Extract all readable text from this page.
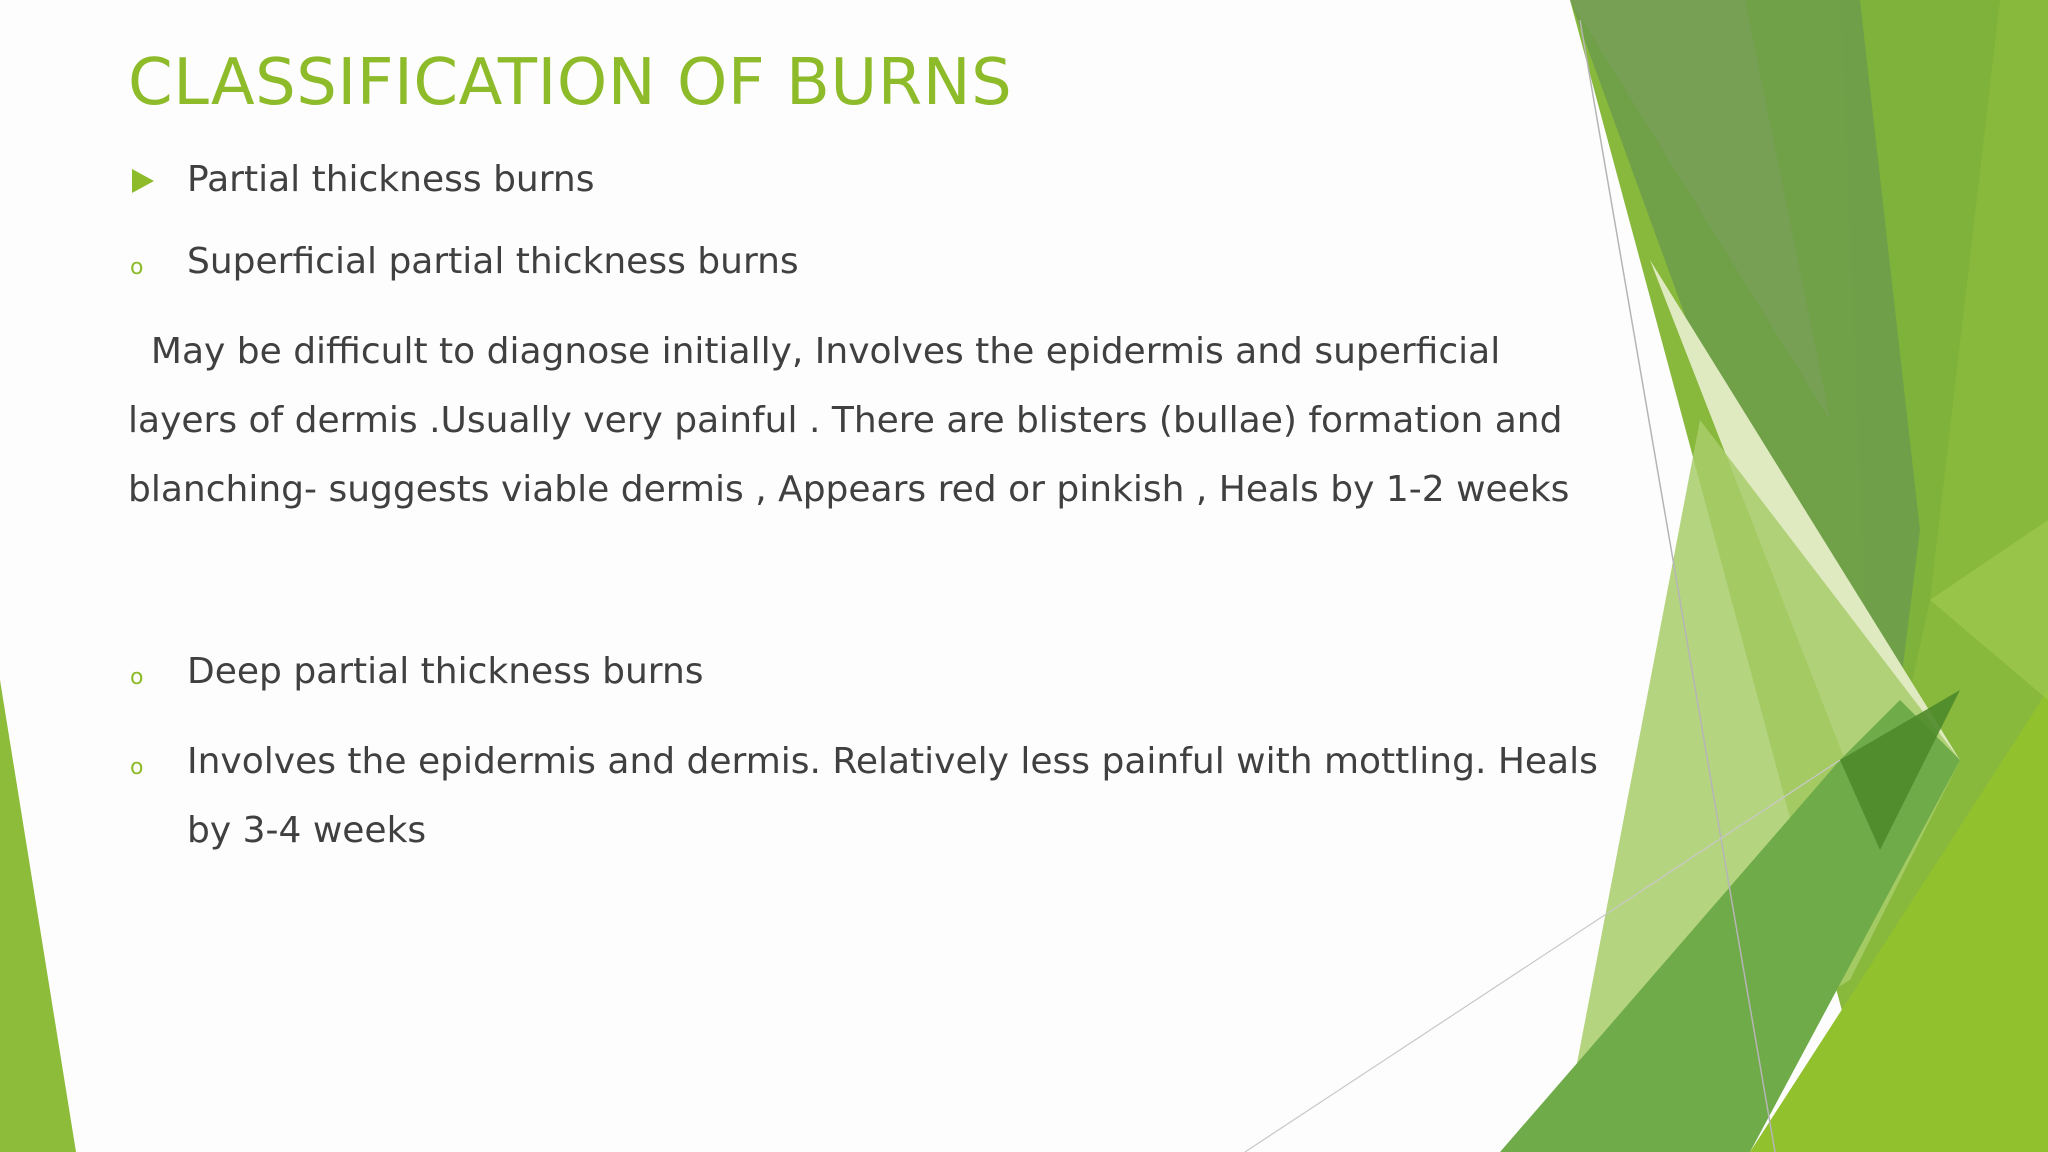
CLASSIFICATION OF BURNS
Partial thickness burns
o Superficial partial thickness burns
May be difficult to diagnose initially, Involves the epidermis and superficial
layers of dermis .Usually very painful . There are blisters (bullae) formation and
blanching- suggests viable dermis , Appears red or pinkish , Heals by 1-2 weeks
o Deep partial thickness burns
o Involves the epidermis and dermis. Relatively less painful with mottling. Heals
by 3-4 weeks
